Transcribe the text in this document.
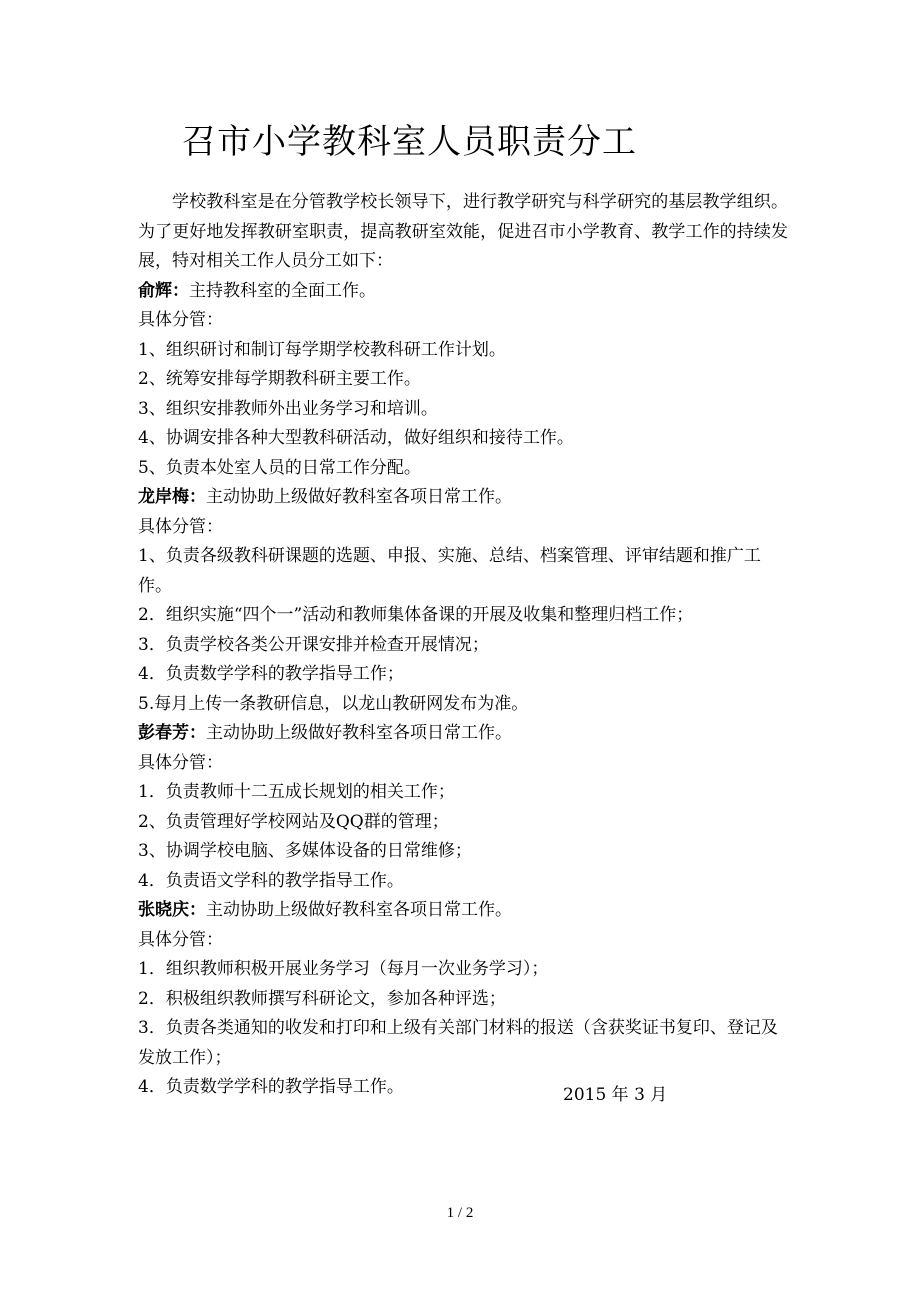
召市小学教科室人员职责分工
学校教科室是在分管教学校长领导下，进行教学研究与科学研究的基层教学组织。为了更好地发挥教研室职责，提高教研室效能，促进召市小学教育、教学工作的持续发展，特对相关工作人员分工如下：
俞辉：主持教科室的全面工作。
具体分管：
1、组织研讨和制订每学期学校教科研工作计划。
2、统筹安排每学期教科研主要工作。
3、组织安排教师外出业务学习和培训。
4、协调安排各种大型教科研活动，做好组织和接待工作。
5、负责本处室人员的日常工作分配。
龙岸梅：主动协助上级做好教科室各项日常工作。
具体分管：
1、负责各级教科研课题的选题、申报、实施、总结、档案管理、评审结题和推广工作。
2．组织实施“四个一”活动和教师集体备课的开展及收集和整理归档工作；
3．负责学校各类公开课安排并检查开展情况；
4．负责数学学科的教学指导工作；
5.每月上传一条教研信息，以龙山教研网发布为准。
彭春芳：主动协助上级做好教科室各项日常工作。
具体分管：
1．负责教师十二五成长规划的相关工作；
2、负责管理好学校网站及QQ群的管理；
3、协调学校电脑、多媒体设备的日常维修；
4．负责语文学科的教学指导工作。
张晓庆：主动协助上级做好教科室各项日常工作。
具体分管：
1．组织教师积极开展业务学习（每月一次业务学习）；
2．积极组织教师撰写科研论文，参加各种评选；
3．负责各类通知的收发和打印和上级有关部门材料的报送（含获奖证书复印、登记及发放工作）；
4．负责数学学科的教学指导工作。	2015 年 3 月
1 / 2
